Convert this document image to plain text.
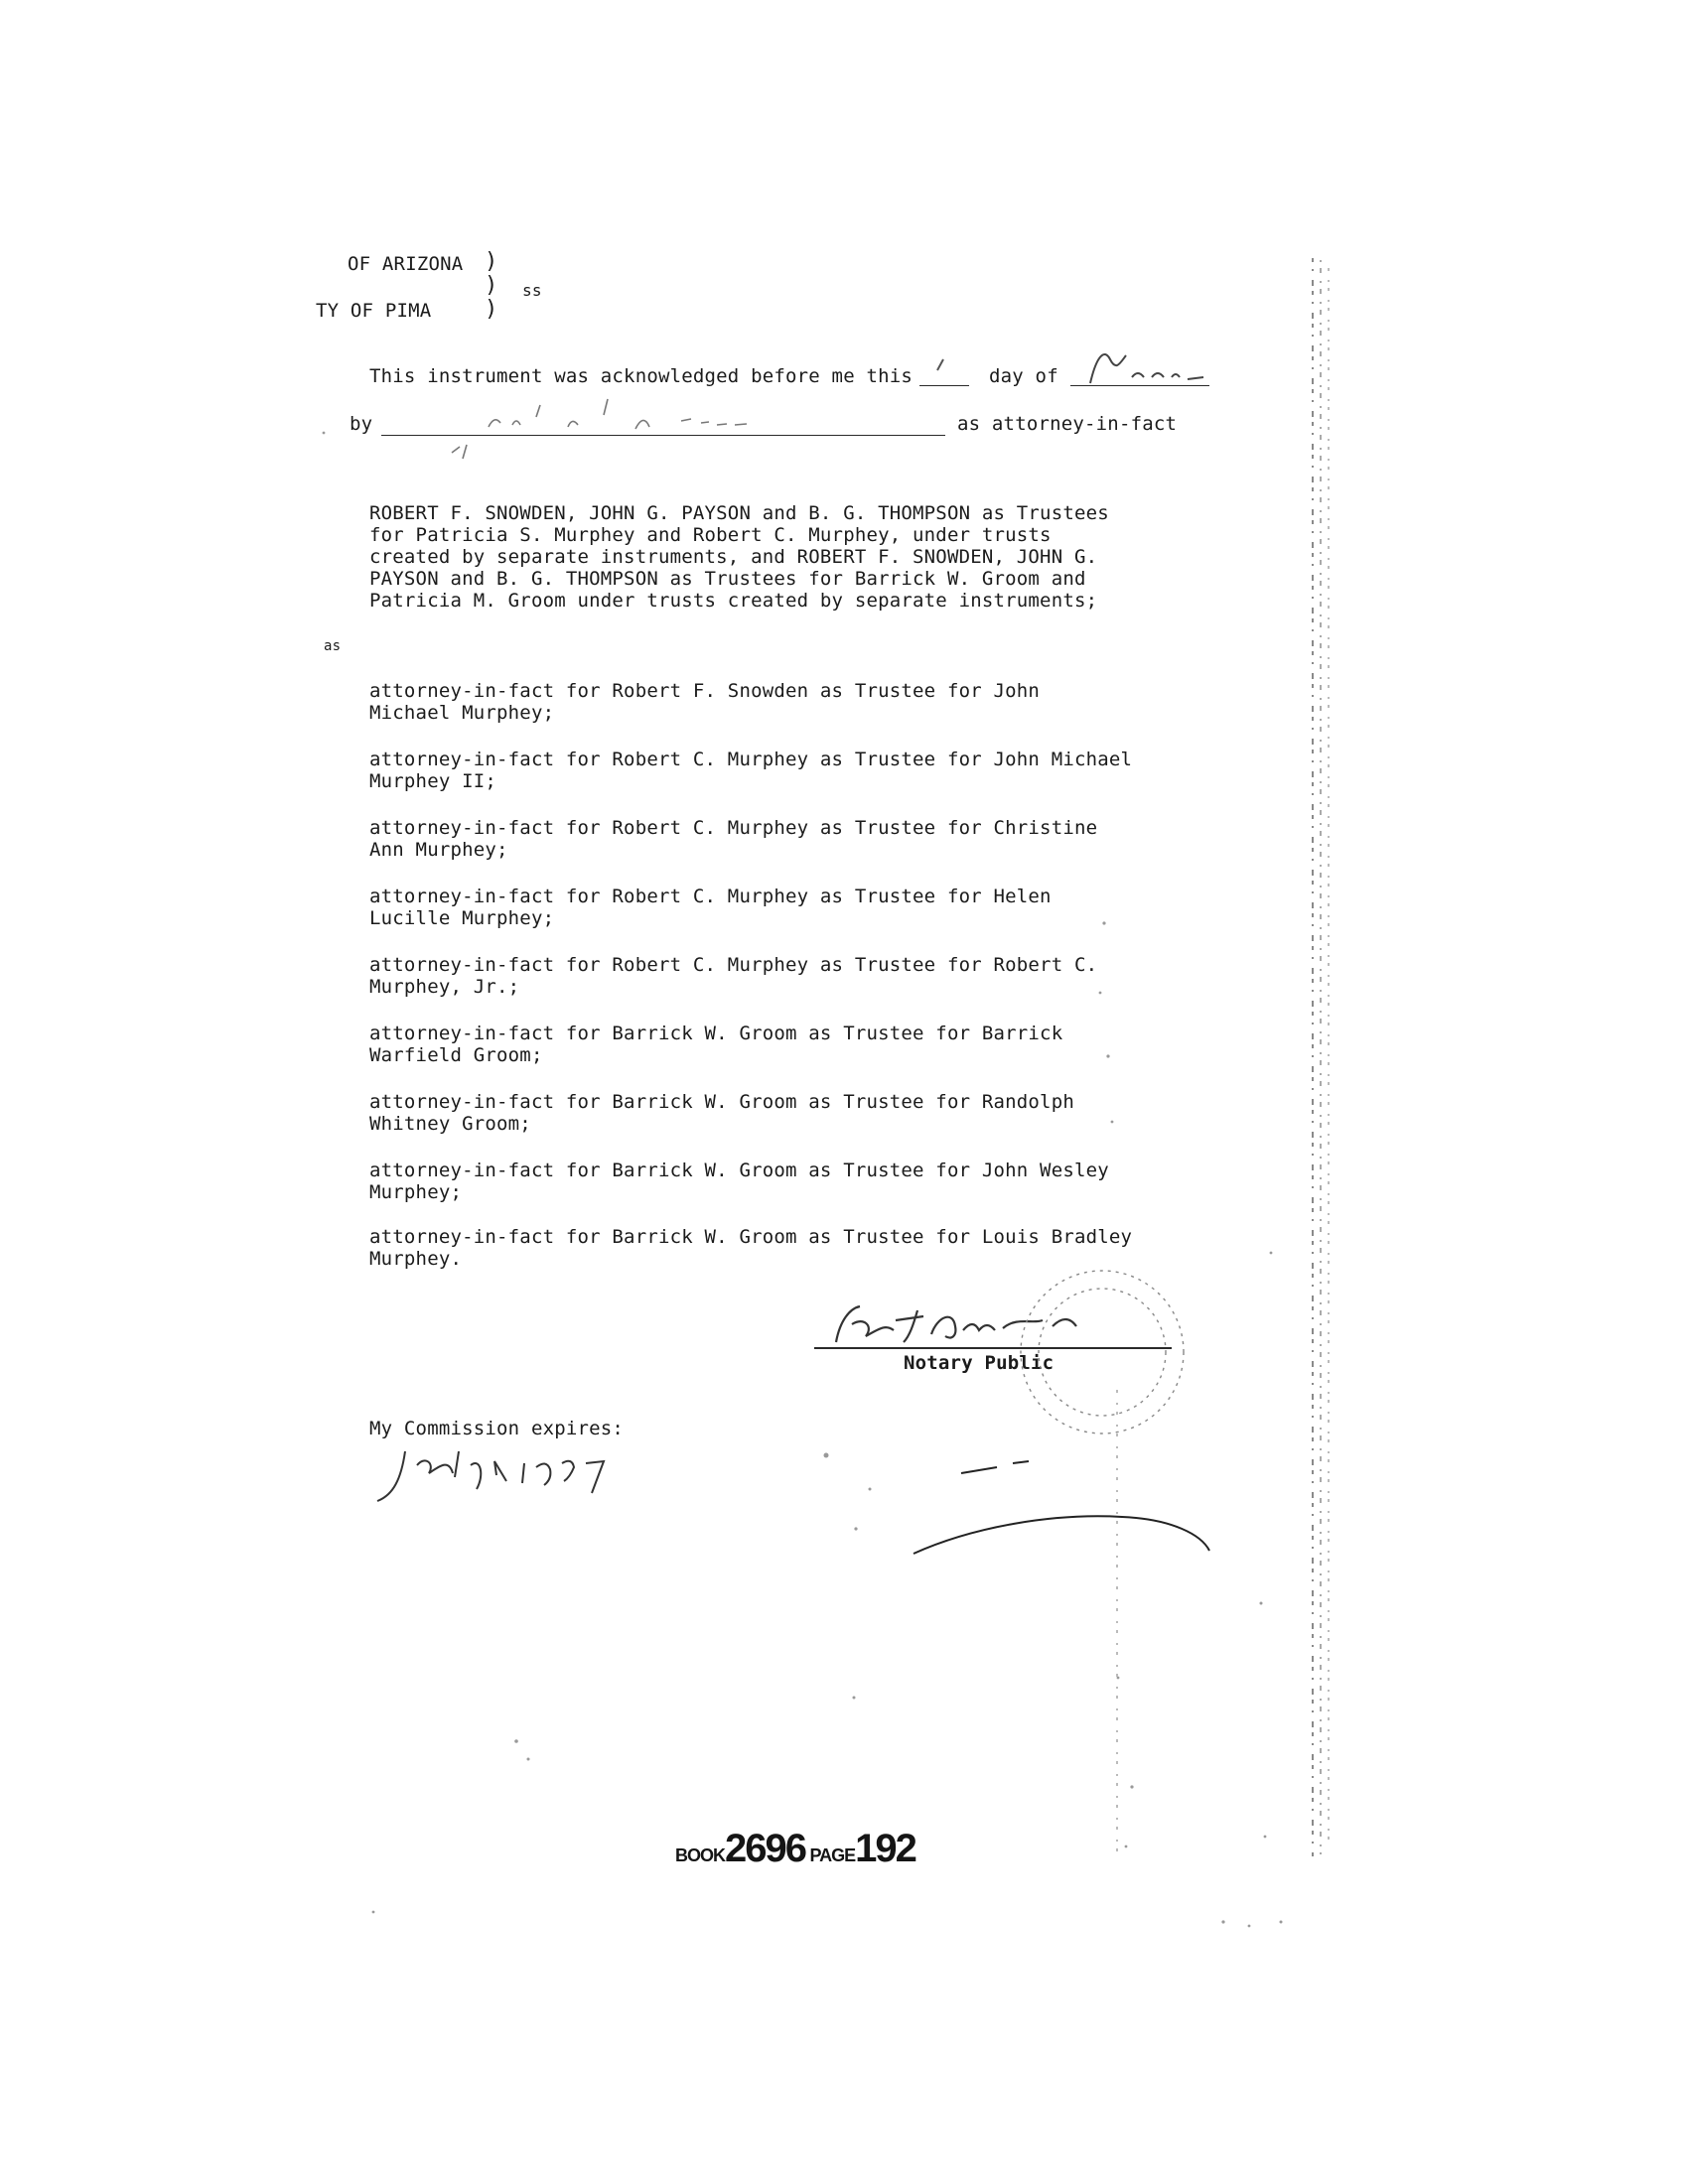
OF ARIZONA
TY OF PIMA
)
)
)
ss
This instrument was acknowledged before me this	day of
by	as attorney-in-fact
ROBERT F. SNOWDEN, JOHN G. PAYSON and B. G. THOMPSON as Trustees
for Patricia S. Murphey and Robert C. Murphey, under trusts
created by separate instruments, and ROBERT F. SNOWDEN, JOHN G.
PAYSON and B. G. THOMPSON as Trustees for Barrick W. Groom and
Patricia M. Groom under trusts created by separate instruments;
as
attorney-in-fact for Robert F. Snowden as Trustee for John
Michael Murphey;
attorney-in-fact for Robert C. Murphey as Trustee for John Michael
Murphey II;
attorney-in-fact for Robert C. Murphey as Trustee for Christine
Ann Murphey;
attorney-in-fact for Robert C. Murphey as Trustee for Helen
Lucille Murphey;
attorney-in-fact for Robert C. Murphey as Trustee for Robert C.
Murphey, Jr.;
attorney-in-fact for Barrick W. Groom as Trustee for Barrick
Warfield Groom;
attorney-in-fact for Barrick W. Groom as Trustee for Randolph
Whitney Groom;
attorney-in-fact for Barrick W. Groom as Trustee for John Wesley
Murphey;
attorney-in-fact for Barrick W. Groom as Trustee for Louis Bradley
Murphey.
Notary Public
My Commission expires:
BOOK2696 PAGE192
